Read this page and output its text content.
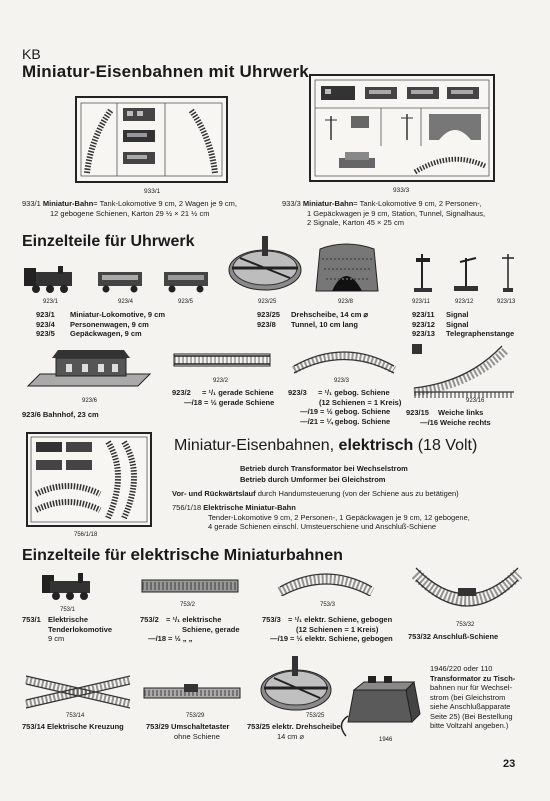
KB
Miniatur-Eisenbahnen mit Uhrwerk
933/1
933/1 Miniatur-Bahn= Tank-Lokomotive 9 cm, 2 Wagen je 9 cm,
12 gebogene Schienen, Karton 29 ½ × 21 ½ cm
933/3
933/3 Miniatur-Bahn= Tank-Lokomotive 9 cm, 2 Personen-,
1 Gepäckwagen je 9 cm, Station, Tunnel, Signalhaus,
2 Signale, Karton 45 × 25 cm
Einzelteile für Uhrwerk
923/1	923/4	923/5	923/25	923/8	923/11	923/12	923/13
923/1	Miniatur-Lokomotive, 9 cm
923/4	Personenwagen, 9 cm
923/5	Gepäckwagen, 9 cm
923/25	Drehscheibe, 14 cm ⌀
923/8	Tunnel, 10 cm lang
923/11	Signal
923/12	Signal
923/13	Telegraphenstange
923/6
923/6 Bahnhof, 23 cm
923/2	923/3
923/16
923/2	= ¹/₁ gerade Schiene
—/18 = ½ gerade Schiene
923/3	= ¹/₁ gebog. Schiene
(12 Schienen = 1 Kreis)
—/19 = ½ gebog. Schiene
—/21 = ¼ gebog. Schiene
923/15	Weiche links
—/16 Weiche rechts
756/1/18
Miniatur-Eisenbahnen, elektrisch (18 Volt)
Betrieb durch Transformator bei Wechselstrom
Betrieb durch Umformer bei Gleichstrom
Vor- und Rückwärtslauf durch Handumsteuerung (von der Schiene aus zu betätigen)
756/1/18 Elektrische Miniatur-Bahn
Tender-Lokomotive 9 cm, 2 Personen-, 1 Gepäckwagen je 9 cm, 12 gebogene,
4 gerade Schienen einschl. Umsteuerschiene und Anschluß-Schiene
Einzelteile für elektrische Miniaturbahnen
753/1
753/2	753/3
753/32
753/1 Elektrische
Tenderlokomotive
9 cm
753/2 = ¹/₁ elektrische
Schiene, gerade
—/18 = ½ „ „
753/3 = ¹/₁ elektr. Schiene, gebogen
(12 Schienen = 1 Kreis)
—/19 = ½ elektr. Schiene, gebogen 753/32 Anschluß-Schiene
753/14	753/29	753/25
1946
753/14 Elektrische Kreuzung	753/29 Umschaltetaster
ohne Schiene
753/25 elektr. Drehscheibe
14 cm ⌀
1946/220 oder 110
Transformator zu Tisch-
bahnen nur für Wechsel-
strom (bei Gleichstrom
siehe Anschlußapparate
Seite 25) (Bei Bestellung
bitte Voltzahl angeben.)
23
